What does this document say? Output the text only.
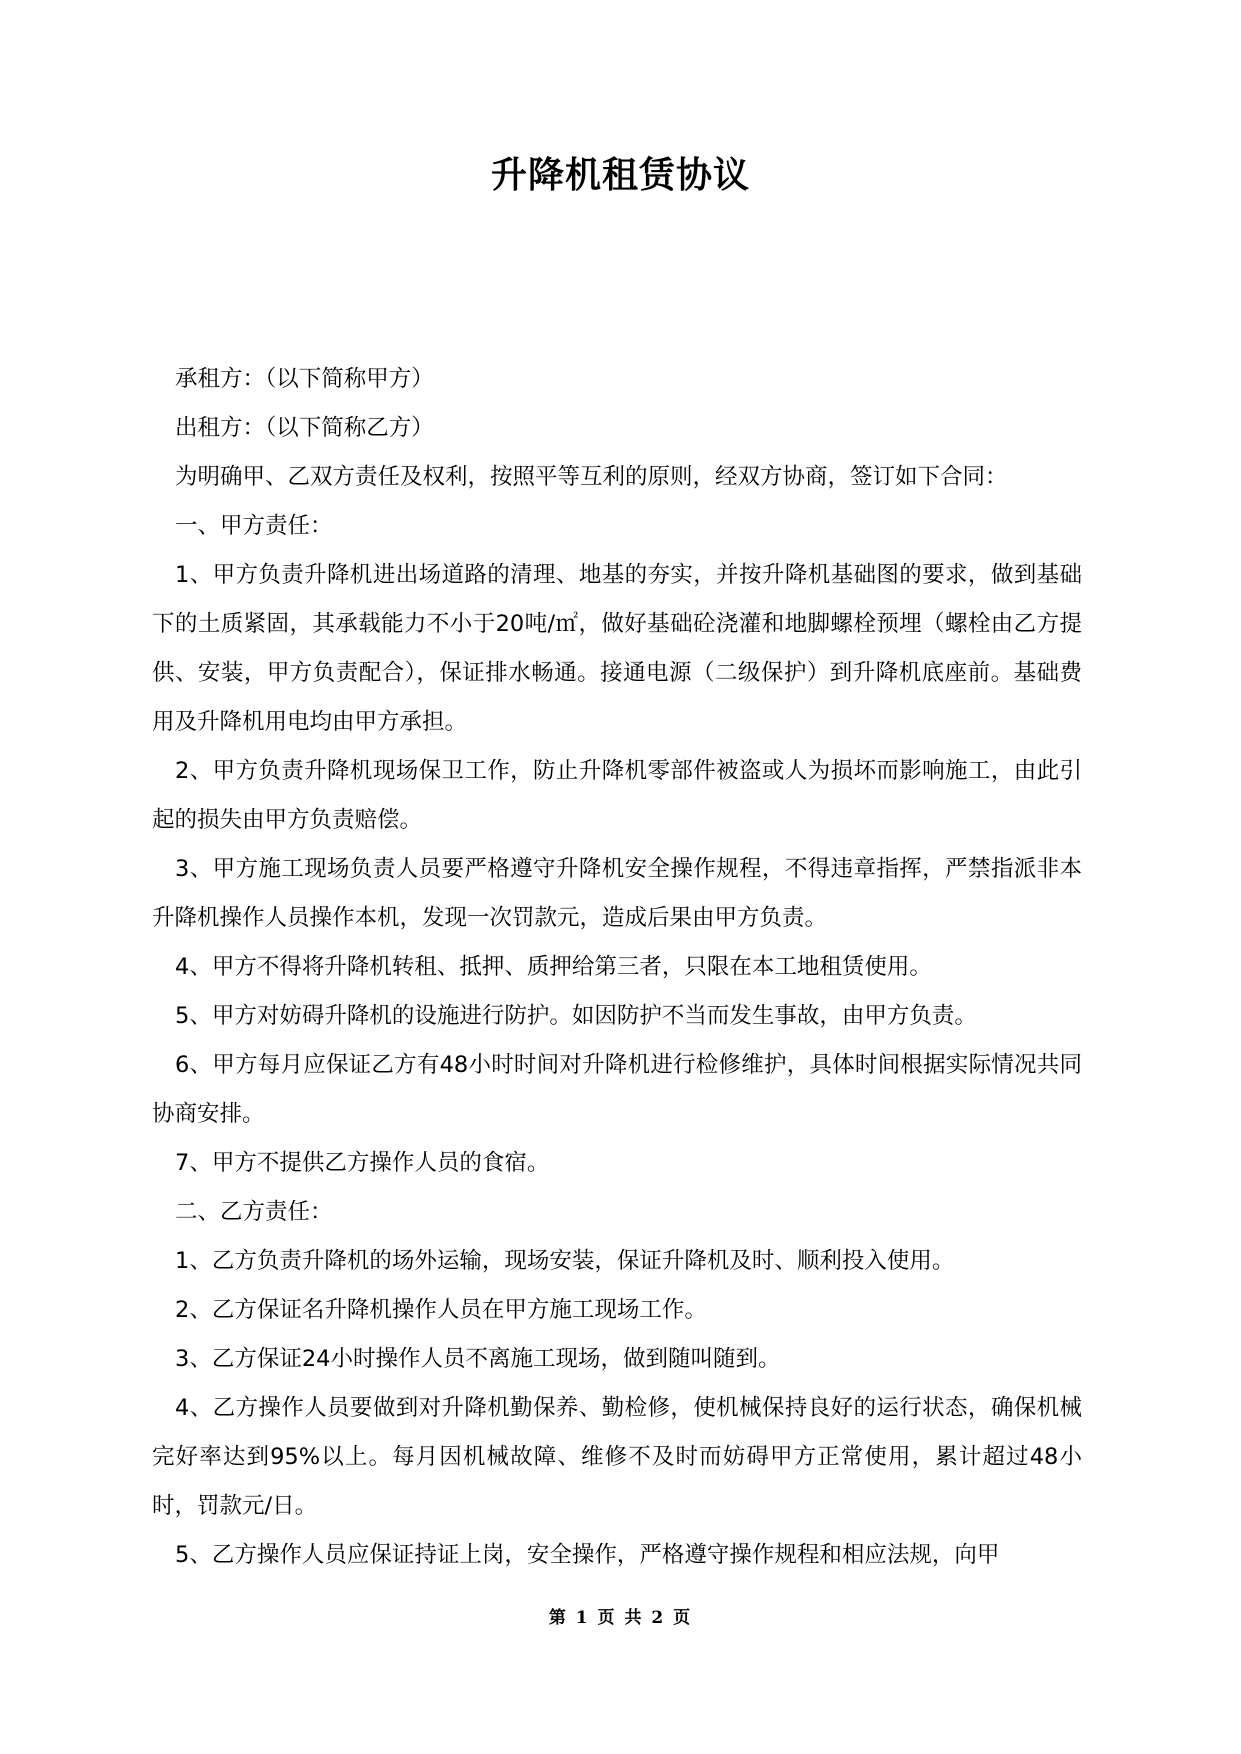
升降机租赁协议

承租方：（以下简称甲方）

出租方：（以下简称乙方）

为明确甲、乙双方责任及权利，按照平等互利的原则，经双方协商，签订如下合同：

一、甲方责任：

1、甲方负责升降机进出场道路的清理、地基的夯实，并按升降机基础图的要求，做到基础下的土质紧固，其承载能力不小于20吨/㎡，做好基础砼浇灌和地脚螺栓预埋（螺栓由乙方提供、安装，甲方负责配合），保证排水畅通。接通电源（二级保护）到升降机底座前。基础费用及升降机用电均由甲方承担。

2、甲方负责升降机现场保卫工作，防止升降机零部件被盗或人为损坏而影响施工，由此引起的损失由甲方负责赔偿。

3、甲方施工现场负责人员要严格遵守升降机安全操作规程，不得违章指挥，严禁指派非本升降机操作人员操作本机，发现一次罚款元，造成后果由甲方负责。

4、甲方不得将升降机转租、抵押、质押给第三者，只限在本工地租赁使用。

5、甲方对妨碍升降机的设施进行防护。如因防护不当而发生事故，由甲方负责。

6、甲方每月应保证乙方有48小时时间对升降机进行检修维护，具体时间根据实际情况共同协商安排。

7、甲方不提供乙方操作人员的食宿。

二、乙方责任：

1、乙方负责升降机的场外运输，现场安装，保证升降机及时、顺利投入使用。

2、乙方保证名升降机操作人员在甲方施工现场工作。

3、乙方保证24小时操作人员不离施工现场，做到随叫随到。

4、乙方操作人员要做到对升降机勤保养、勤检修，使机械保持良好的运行状态，确保机械完好率达到95%以上。每月因机械故障、维修不及时而妨碍甲方正常使用，累计超过48小时，罚款元/日。

5、乙方操作人员应保证持证上岗，安全操作，严格遵守操作规程和相应法规，向甲

第 1 页 共 2 页
